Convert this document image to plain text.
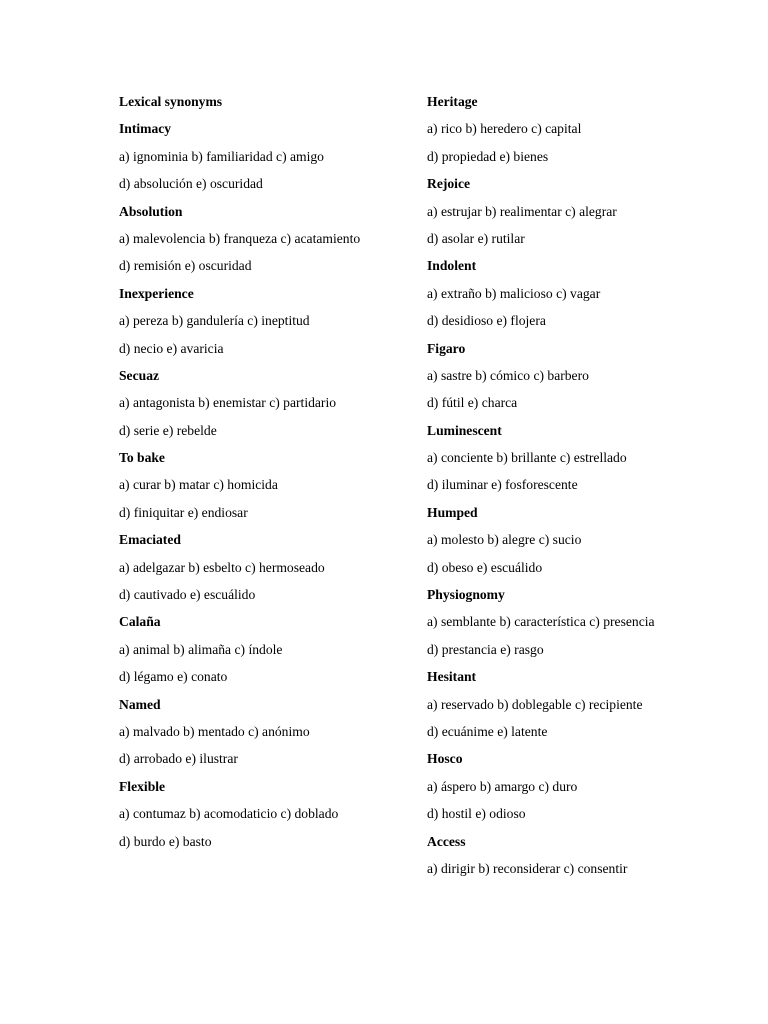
Lexical synonyms
Intimacy
a) ignominia b) familiaridad c) amigo
d) absolución e) oscuridad
Absolution
a) malevolencia b) franqueza c) acatamiento
d) remisión e) oscuridad
Inexperience
a) pereza b) gandulería c) ineptitud
d) necio e) avaricia
Secuaz
a) antagonista b) enemistar c) partidario
d) serie e) rebelde
To bake
a) curar b) matar c) homicida
d) finiquitar e) endiosar
Emaciated
a) adelgazar b) esbelto c) hermoseado
d) cautivado e) escuálido
Calaña
a) animal b) alimaña c) índole
d) légamo e) conato
Named
a) malvado b) mentado c) anónimo
d) arrobado e) ilustrar
Flexible
a) contumaz b) acomodaticio c) doblado
d) burdo e) basto
Heritage
a) rico b) heredero c) capital
d) propiedad e) bienes
Rejoice
a) estrujar b) realimentar c) alegrar
d) asolar e) rutilar
Indolent
a) extraño b) malicioso c) vagar
d) desidioso e) flojera
Figaro
a) sastre b) cómico c) barbero
d) fútil e) charca
Luminescent
a) conciente b) brillante c) estrellado
d) iluminar e) fosforescente
Humped
a) molesto b) alegre c) sucio
d) obeso e) escuálido
Physiognomy
a) semblante b) característica c) presencia
d) prestancia e) rasgo
Hesitant
a) reservado b) doblegable c) recipiente
d) ecuánime e) latente
Hosco
a) áspero b) amargo c) duro
d) hostil e) odioso
Access
a) dirigir b) reconsiderar c) consentir
